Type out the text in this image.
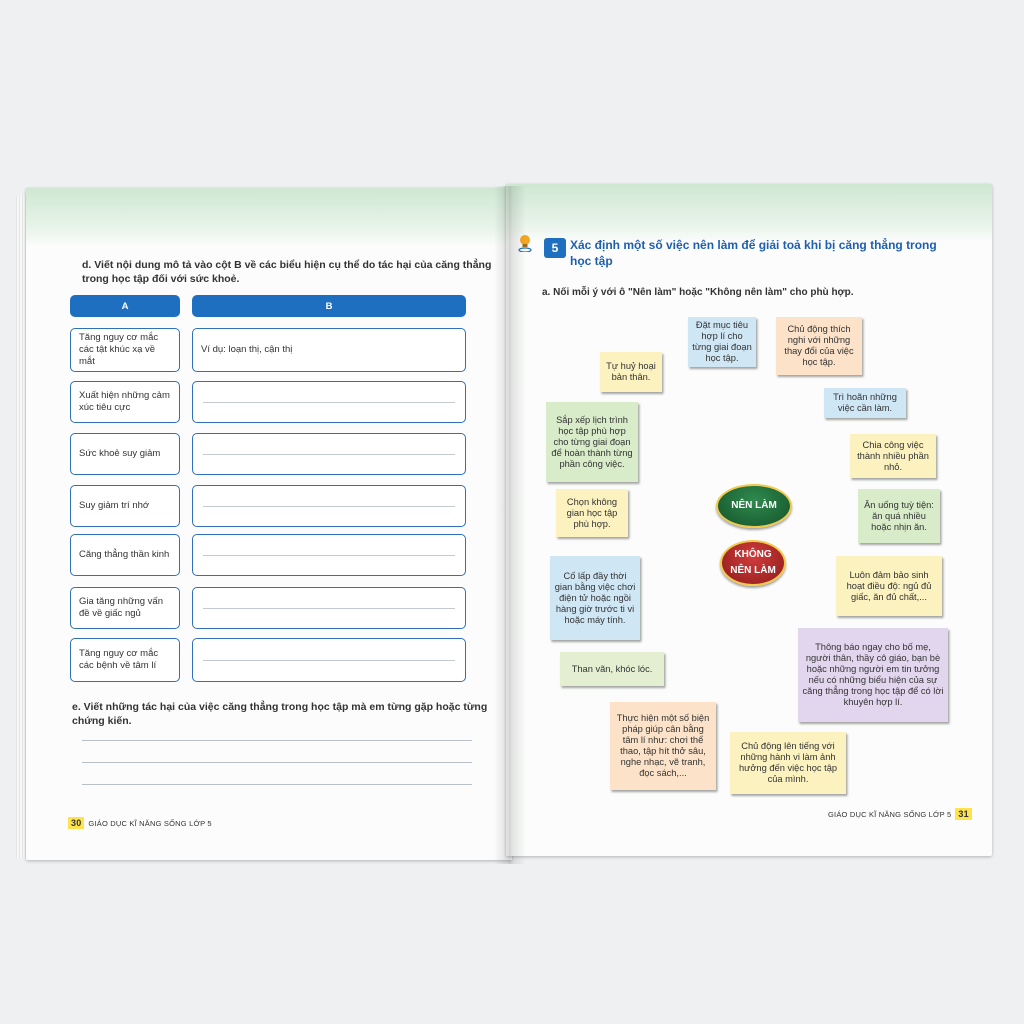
d. Viết nội dung mô tả vào cột B về các biểu hiện cụ thể do tác hại của căng thẳng trong học tập đối với sức khoẻ.
A	B
Tăng nguy cơ mắc các tật khúc xạ về mắt
Ví dụ: loạn thị, cận thị
Xuất hiện những cảm xúc tiêu cực
Sức khoẻ suy giảm
Suy giảm trí nhớ
Căng thẳng thần kinh
Gia tăng những vấn đề về giấc ngủ
Tăng nguy cơ mắc các bệnh về tâm lí
e. Viết những tác hại của việc căng thẳng trong học tập mà em từng gặp hoặc từng chứng kiến.
30 GIÁO DỤC KĨ NĂNG SỐNG LỚP 5
5 Xác định một số việc nên làm để giải toả khi bị căng thẳng trong học tập
a. Nối mỗi ý với ô "Nên làm" hoặc "Không nên làm" cho phù hợp.
NÊN LÀM
KHÔNG NÊN LÀM
Đặt mục tiêu hợp lí cho từng giai đoạn học tập.
Chủ động thích nghi với những thay đổi của việc học tập.
Tự huỷ hoại bản thân.
Trì hoãn những việc cần làm.
Sắp xếp lịch trình học tập phù hợp cho từng giai đoạn để hoàn thành từng phần công việc.
Chia công việc thành nhiều phần nhỏ.
Chọn không gian học tập phù hợp.
Ăn uống tuỳ tiện: ăn quá nhiều hoặc nhịn ăn.
Cố lấp đầy thời gian bằng việc chơi điện tử hoặc ngồi hàng giờ trước ti vi hoặc máy tính.
Luôn đảm bảo sinh hoạt điều độ: ngủ đủ giấc, ăn đủ chất,...
Thông báo ngay cho bố mẹ, người thân, thầy cô giáo, bạn bè hoặc những người em tin tưởng nếu có những biểu hiện của sự căng thẳng trong học tập để có lời khuyên hợp lí.
Than vãn, khóc lóc.
Thực hiện một số biện pháp giúp cân bằng tâm lí như: chơi thể thao, tập hít thở sâu, nghe nhạc, vẽ tranh, đọc sách,...
Chủ động lên tiếng với những hành vi làm ảnh hưởng đến việc học tập của mình.
GIÁO DỤC KĨ NĂNG SỐNG LỚP 5 31
